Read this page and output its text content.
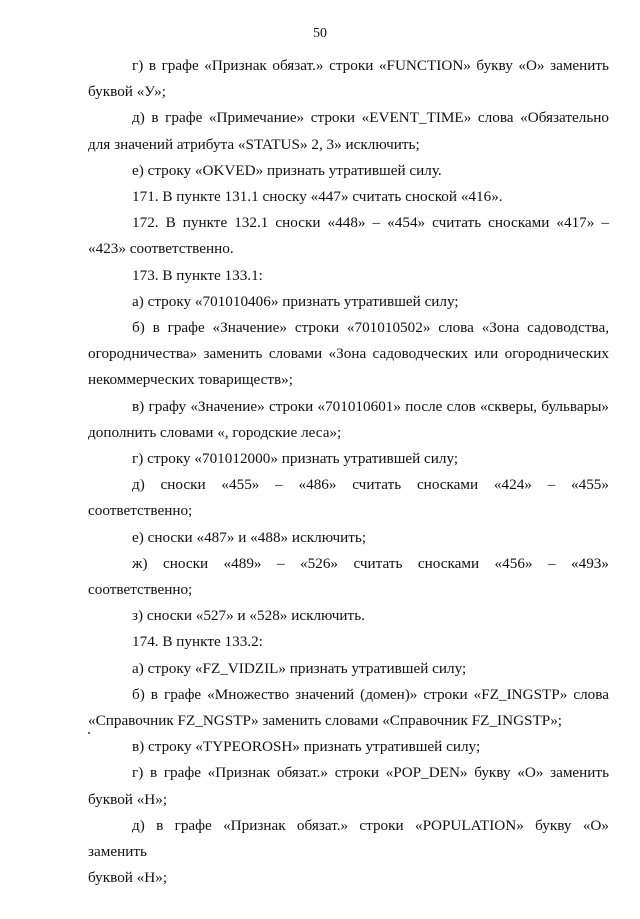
50
г) в графе «Признак обязат.» строки «FUNCTION» букву «О» заменить
буквой «У»;
д) в графе «Примечание» строки «EVENT_TIME» слова «Обязательно
для значений атрибута «STATUS» 2, 3» исключить;
е) строку «OKVED» признать утратившей силу.
171. В пункте 131.1 сноску «447» считать сноской «416».
172. В пункте 132.1 сноски «448» – «454» считать сносками «417» –
«423» соответственно.
173. В пункте 133.1:
а) строку «701010406» признать утратившей силу;
б) в графе «Значение» строки «701010502» слова «Зона садоводства,
огородничества» заменить словами «Зона садоводческих или огороднических
некоммерческих товариществ»;
в) графу «Значение» строки «701010601» после слов «скверы, бульвары»
дополнить словами «, городские леса»;
г) строку «701012000» признать утратившей силу;
д) сноски «455» – «486» считать сносками «424» – «455» соответственно;
е) сноски «487» и «488» исключить;
ж) сноски «489» – «526» считать сносками «456» – «493» соответственно;
з) сноски «527» и «528» исключить.
174. В пункте 133.2:
а) строку «FZ_VIDZIL» признать утратившей силу;
б) в графе «Множество значений (домен)» строки «FZ_INGSTP» слова
«Справочник FZ_NGSTP» заменить словами «Справочник FZ_INGSTP»;
в) строку «TYPEOROSH» признать утратившей силу;
г) в графе «Признак обязат.» строки «POP_DEN» букву «О» заменить
буквой «Н»;
д) в графе «Признак обязат.» строки «POPULATION» букву «О» заменить
буквой «Н»;
